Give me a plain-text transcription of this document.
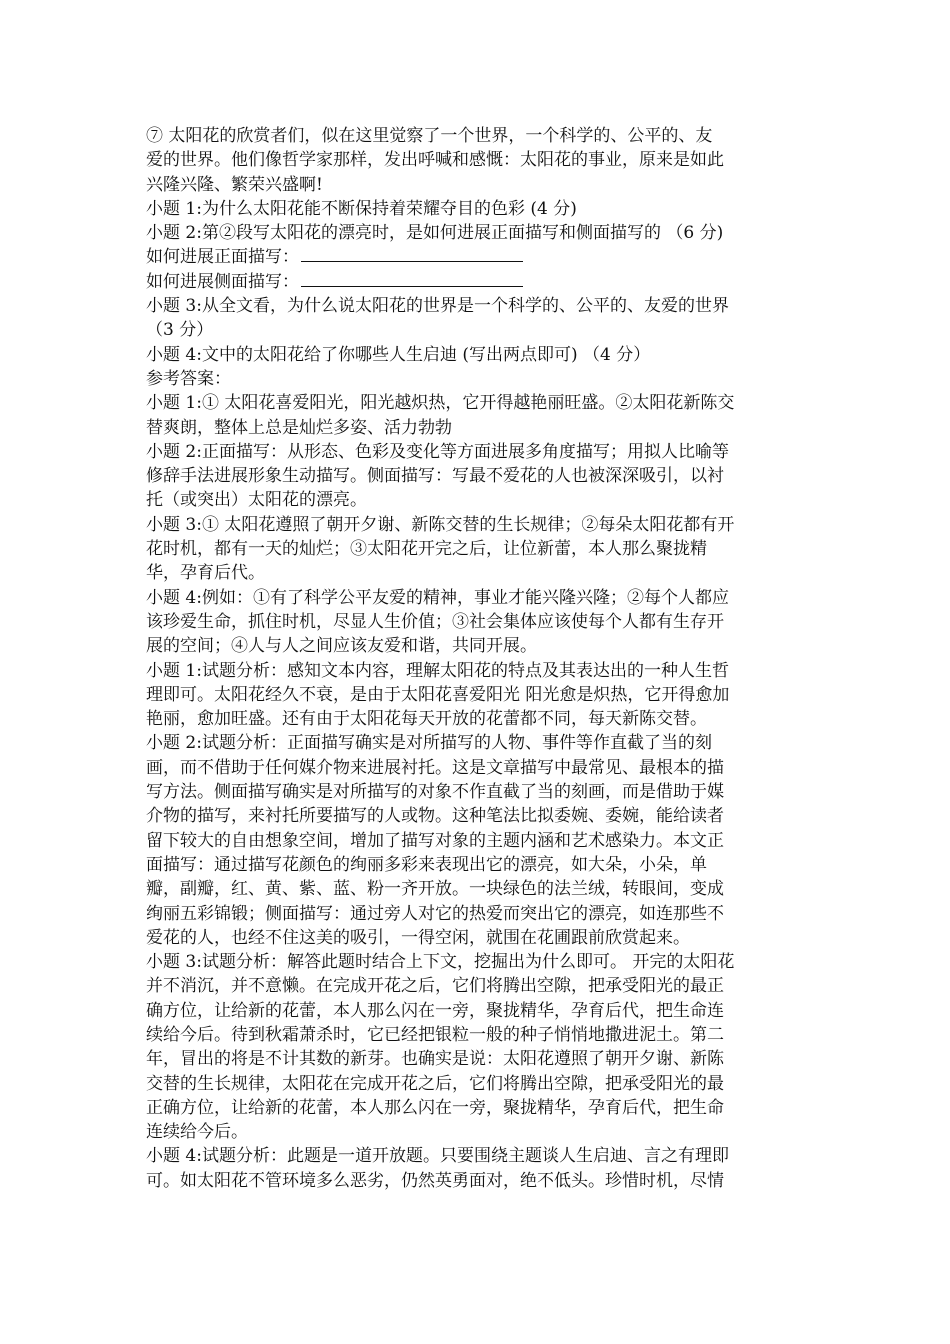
⑦ 太阳花的欣赏者们，似在这里觉察了一个世界，一个科学的、公平的、友
爱的世界。他们像哲学家那样，发出呼喊和感慨：太阳花的事业，原来是如此
兴隆兴隆、繁荣兴盛啊!
小题 1:为什么太阳花能不断保持着荣耀夺目的色彩 (4 分)
小题 2:第②段写太阳花的漂亮时，是如何进展正面描写和侧面描写的 （6 分)
如何进展正面描写：
如何进展侧面描写：
小题 3:从全文看，为什么说太阳花的世界是一个科学的、公平的、友爱的世界
（3 分）
小题 4:文中的太阳花给了你哪些人生启迪 (写出两点即可) （4 分）
参考答案：
小题 1:① 太阳花喜爱阳光，阳光越炽热，它开得越艳丽旺盛。②太阳花新陈交
替爽朗，整体上总是灿烂多姿、活力勃勃
小题 2:正面描写：从形态、色彩及变化等方面进展多角度描写；用拟人比喻等
修辞手法进展形象生动描写。侧面描写：写最不爱花的人也被深深吸引，以衬
托（或突出）太阳花的漂亮。
小题 3:① 太阳花遵照了朝开夕谢、新陈交替的生长规律；②每朵太阳花都有开
花时机，都有一天的灿烂；③太阳花开完之后，让位新蕾，本人那么聚拢精
华，孕育后代。
小题 4:例如：①有了科学公平友爱的精神，事业才能兴隆兴隆；②每个人都应
该珍爱生命，抓住时机，尽显人生价值；③社会集体应该使每个人都有生存开
展的空间；④人与人之间应该友爱和谐，共同开展。
小题 1:试题分析：感知文本内容，理解太阳花的特点及其表达出的一种人生哲
理即可。太阳花经久不衰，是由于太阳花喜爱阳光 阳光愈是炽热，它开得愈加
艳丽，愈加旺盛。还有由于太阳花每天开放的花蕾都不同，每天新陈交替。
小题 2:试题分析：正面描写确实是对所描写的人物、事件等作直截了当的刻
画，而不借助于任何媒介物来进展衬托。这是文章描写中最常见、最根本的描
写方法。侧面描写确实是对所描写的对象不作直截了当的刻画，而是借助于媒
介物的描写，来衬托所要描写的人或物。这种笔法比拟委婉、委婉，能给读者
留下较大的自由想象空间，增加了描写对象的主题内涵和艺术感染力。本文正
面描写：通过描写花颜色的绚丽多彩来表现出它的漂亮，如大朵，小朵，单
瓣，副瓣，红、黄、紫、蓝、粉一齐开放。一块绿色的法兰绒，转眼间，变成
绚丽五彩锦锻；侧面描写：通过旁人对它的热爱而突出它的漂亮，如连那些不
爱花的人，也经不住这美的吸引，一得空闲，就围在花圃跟前欣赏起来。
小题 3:试题分析：解答此题时结合上下文，挖掘出为什么即可。 开完的太阳花
并不消沉，并不意懒。在完成开花之后，它们将腾出空隙，把承受阳光的最正
确方位，让给新的花蕾，本人那么闪在一旁，聚拢精华，孕育后代，把生命连
续给今后。待到秋霜萧杀时，它已经把银粒一般的种子悄悄地撒进泥土。第二
年，冒出的将是不计其数的新芽。也确实是说：太阳花遵照了朝开夕谢、新陈
交替的生长规律，太阳花在完成开花之后，它们将腾出空隙，把承受阳光的最
正确方位，让给新的花蕾，本人那么闪在一旁，聚拢精华，孕育后代，把生命
连续给今后。
小题 4:试题分析：此题是一道开放题。只要围绕主题谈人生启迪、言之有理即
可。如太阳花不管环境多么恶劣，仍然英勇面对，绝不低头。珍惜时机，尽情
